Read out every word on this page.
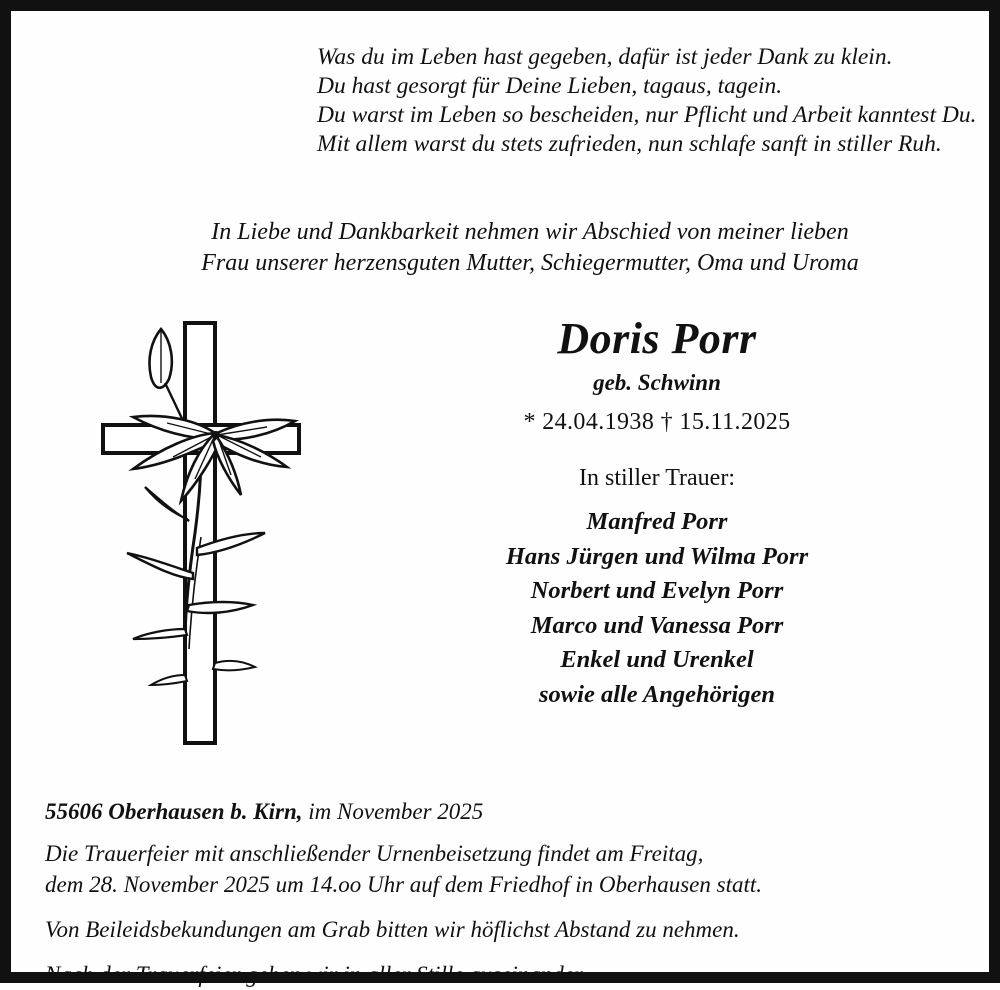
Was du im Leben hast gegeben, dafür ist jeder Dank zu klein.
Du hast gesorgt für Deine Lieben, tagaus, tagein.
Du warst im Leben so bescheiden, nur Pflicht und Arbeit kanntest Du.
Mit allem warst du stets zufrieden, nun schlafe sanft in stiller Ruh.
In Liebe und Dankbarkeit nehmen wir Abschied von meiner lieben
Frau unserer herzensguten Mutter, Schiegermutter, Oma und Uroma
Doris Porr
geb. Schwinn
* 24.04.1938 † 15.11.2025
In stiller Trauer:
Manfred Porr
Hans Jürgen und Wilma Porr
Norbert und Evelyn Porr
Marco und Vanessa Porr
Enkel und Urenkel
sowie alle Angehörigen
55606 Oberhausen b. Kirn, im November 2025
Die Trauerfeier mit anschließender Urnenbeisetzung findet am Freitag,
dem 28. November 2025 um 14.oo Uhr auf dem Friedhof in Oberhausen statt.
Von Beileidsbekundungen am Grab bitten wir höflichst Abstand zu nehmen.
Nach der Trauerfeier gehen wir in aller Stille auseinander.
